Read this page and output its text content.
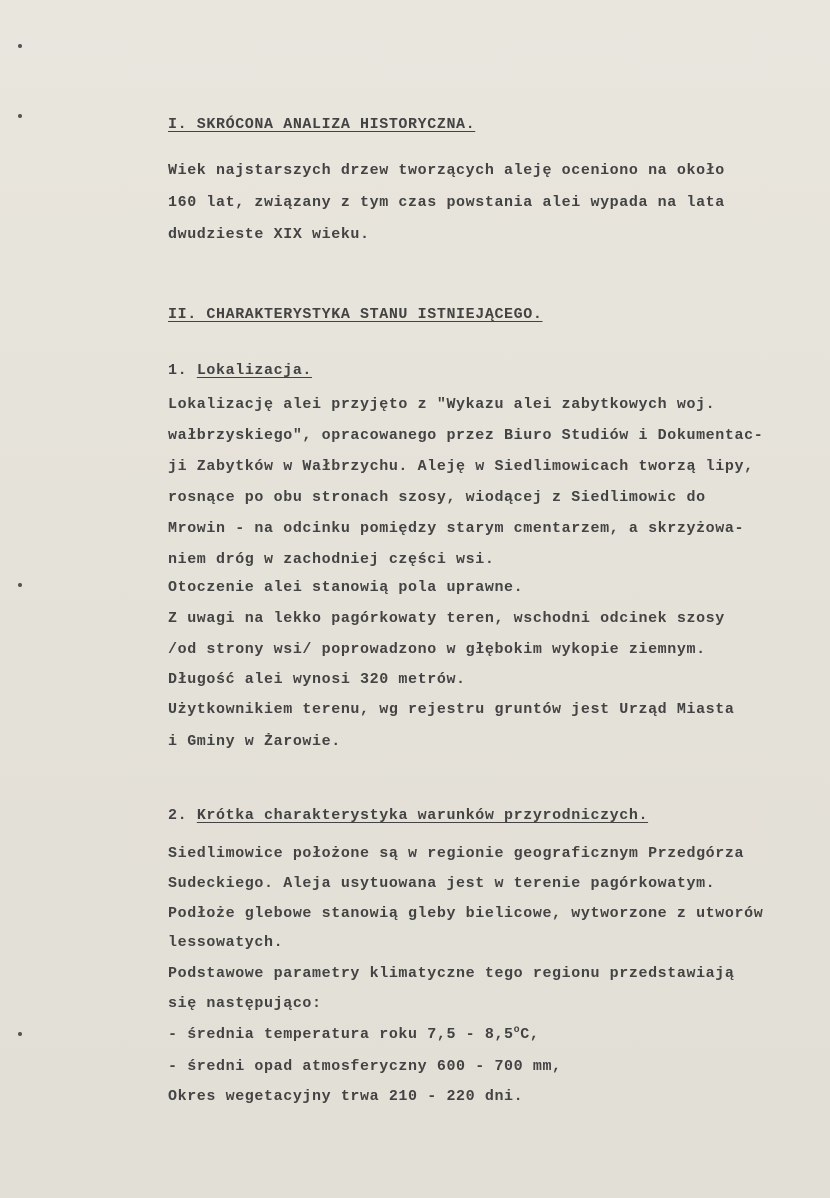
I. SKRÓCONA ANALIZA HISTORYCZNA.

Wiek najstarszych drzew tworzących aleję oceniono na około

160 lat, związany z tym czas powstania alei wypada na lata

dwudzieste XIX wieku.

II. CHARAKTERYSTYKA STANU ISTNIEJĄCEGO.

1. Lokalizacja.

Lokalizację alei przyjęto z "Wykazu alei zabytkowych woj.

wałbrzyskiego", opracowanego przez Biuro Studiów i Dokumentac-

ji Zabytków w Wałbrzychu. Aleję w Siedlimowicach tworzą lipy,

rosnące po obu stronach szosy, wiodącej z Siedlimowic do

Mrowin - na odcinku pomiędzy starym cmentarzem, a skrzyżowa-

niem dróg w zachodniej części wsi.

Otoczenie alei stanowią pola uprawne.

Z uwagi na lekko pagórkowaty teren, wschodni odcinek szosy

/od strony wsi/ poprowadzono w głębokim wykopie ziemnym.

Długość alei wynosi 320 metrów.

Użytkownikiem terenu, wg rejestru gruntów jest Urząd Miasta

i Gminy w Żarowie.

2. Krótka charakterystyka warunków przyrodniczych.

Siedlimowice położone są w regionie geograficznym Przedgórza

Sudeckiego. Aleja usytuowana jest w terenie pagórkowatym.

Podłoże glebowe stanowią gleby bielicowe, wytworzone z utworów

lessowatych.

Podstawowe parametry klimatyczne tego regionu przedstawiają

się następująco:

- średnia temperatura roku 7,5 - 8,5$^o$C,

- średni opad atmosferyczny 600 - 700 mm,

Okres wegetacyjny trwa 210 - 220 dni.
